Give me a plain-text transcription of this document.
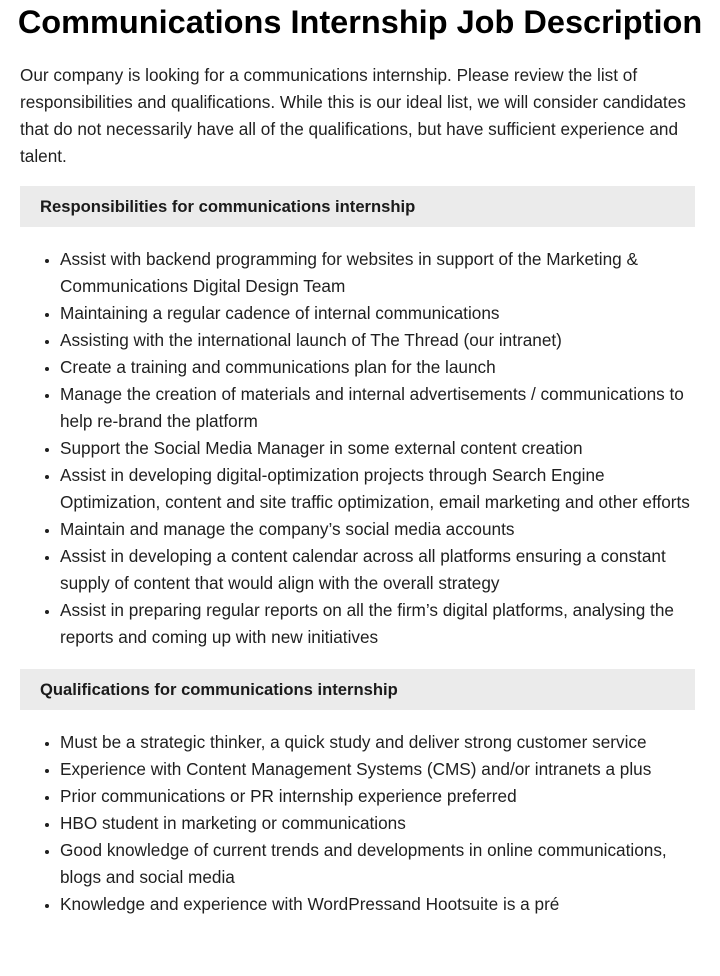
Communications Internship Job Description

Our company is looking for a communications internship. Please review the list of responsibilities and qualifications. While this is our ideal list, we will consider candidates that do not necessarily have all of the qualifications, but have sufficient experience and talent.

Responsibilities for communications internship
• Assist with backend programming for websites in support of the Marketing & Communications Digital Design Team
• Maintaining a regular cadence of internal communications
• Assisting with the international launch of The Thread (our intranet)
• Create a training and communications plan for the launch
• Manage the creation of materials and internal advertisements / communications to help re-brand the platform
• Support the Social Media Manager in some external content creation
• Assist in developing digital-optimization projects through Search Engine Optimization, content and site traffic optimization, email marketing and other efforts
• Maintain and manage the company’s social media accounts
• Assist in developing a content calendar across all platforms ensuring a constant supply of content that would align with the overall strategy
• Assist in preparing regular reports on all the firm’s digital platforms, analysing the reports and coming up with new initiatives
Qualifications for communications internship
• Must be a strategic thinker, a quick study and deliver strong customer service
• Experience with Content Management Systems (CMS) and/or intranets a plus
• Prior communications or PR internship experience preferred
• HBO student in marketing or communications
• Good knowledge of current trends and developments in online communications, blogs and social media
• Knowledge and experience with WordPressand Hootsuite is a pré
